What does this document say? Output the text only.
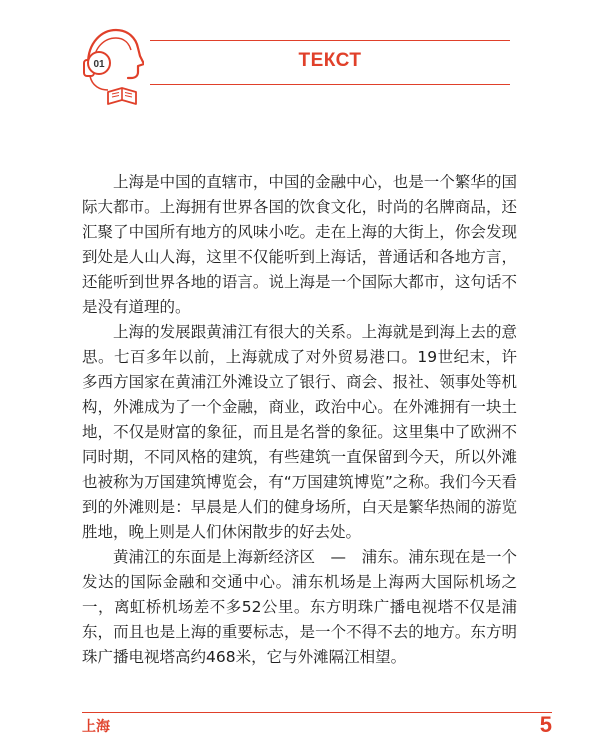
01	ТЕКСТ

上海是中国的直辖市，中国的金融中心，也是一个繁华的国际大都市。上海拥有世界各国的饮食文化，时尚的名牌商品，还汇聚了中国所有地方的风味小吃。走在上海的大街上，你会发现到处是人山人海，这里不仅能听到上海话，普通话和各地方言，还能听到世界各地的语言。说上海是一个国际大都市，这句话不是没有道理的。

上海的发展跟黄浦江有很大的关系。上海就是到海上去的意思。七百多年以前，上海就成了对外贸易港口。19世纪末，许多西方国家在黄浦江外滩设立了银行、商会、报社、领事处等机构，外滩成为了一个金融，商业，政治中心。在外滩拥有一块土地，不仅是财富的象征，而且是名誉的象征。这里集中了欧洲不同时期，不同风格的建筑，有些建筑一直保留到今天，所以外滩也被称为万国建筑博览会，有“万国建筑博览”之称。我们今天看到的外滩则是：早晨是人们的健身场所，白天是繁华热闹的游览胜地，晚上则是人们休闲散步的好去处。

黄浦江的东面是上海新经济区　—　浦东。浦东现在是一个发达的国际金融和交通中心。浦东机场是上海两大国际机场之一，离虹桥机场差不多52公里。东方明珠广播电视塔不仅是浦东，而且也是上海的重要标志，是一个不得不去的地方。东方明珠广播电视塔高约468米，它与外滩隔江相望。

上海	5
